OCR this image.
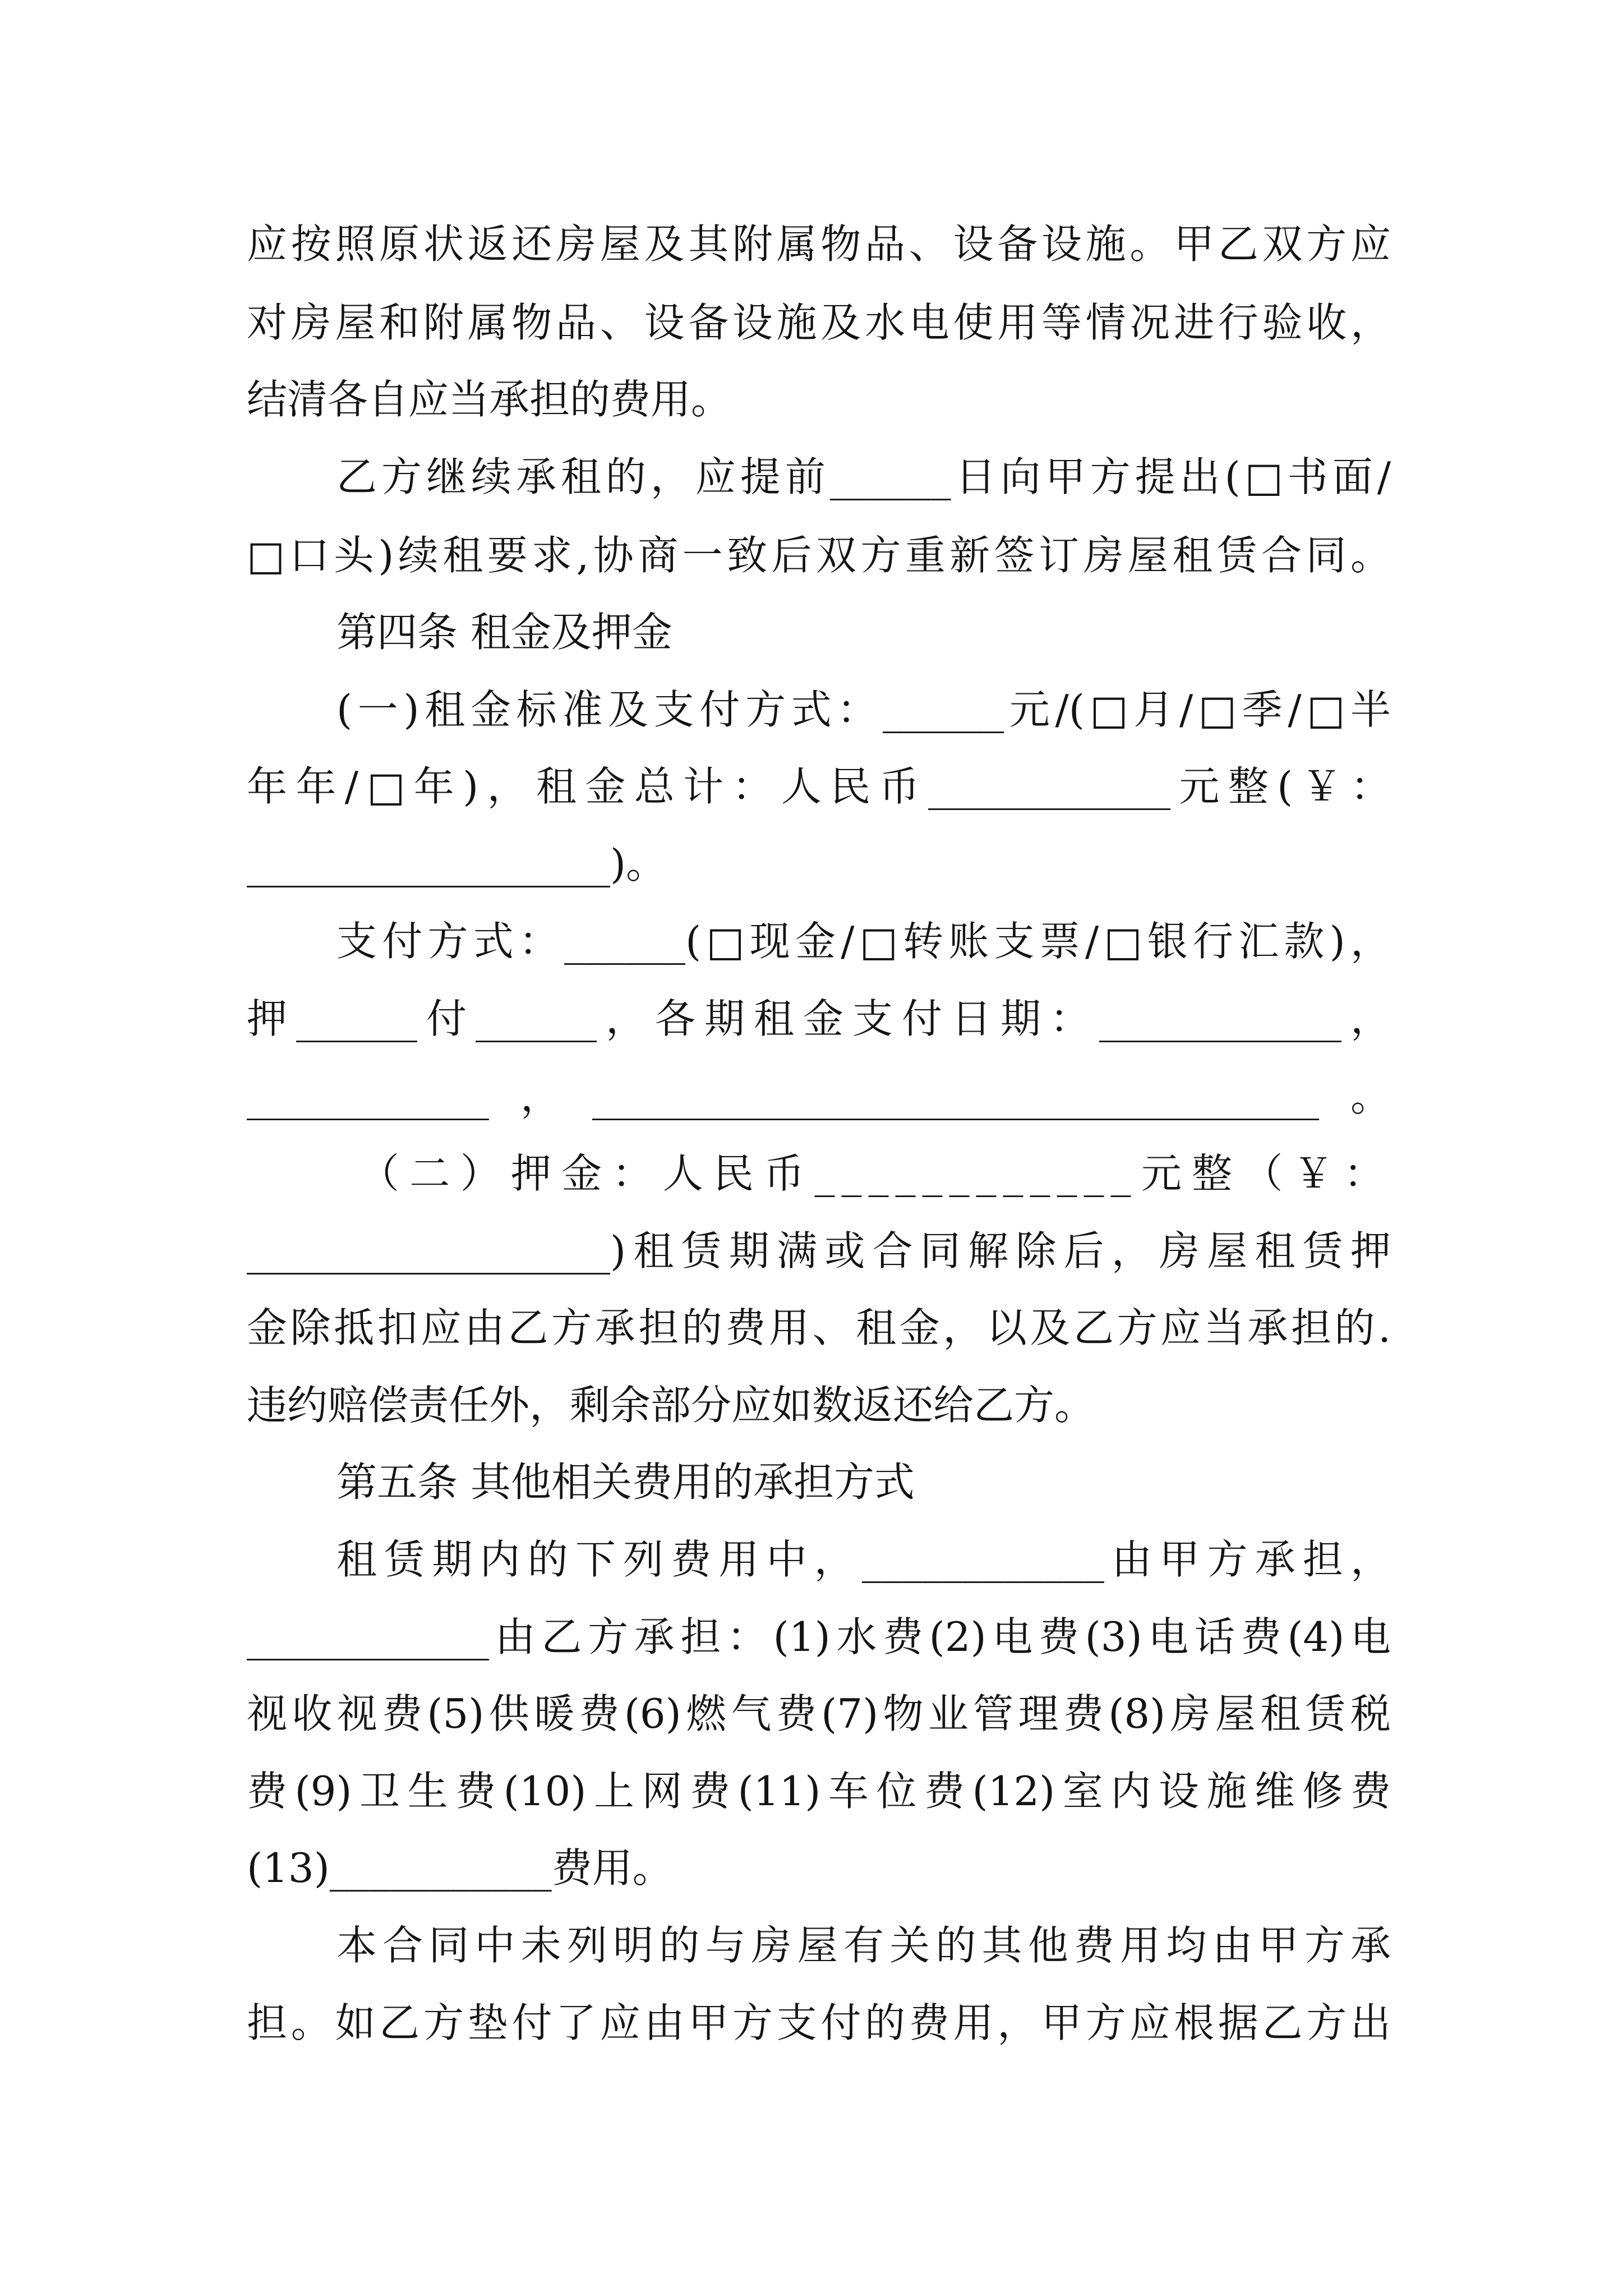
应按照原状返还房屋及其附属物品、设备设施。甲乙双方应
对房屋和附属物品、设备设施及水电使用等情况进行验收，
结清各自应当承担的费用。
乙方继续承租的，应提前______日向甲方提出(□书面/
□口头)续租要求,协商一致后双方重新签订房屋租赁合同。
第四条 租金及押金
(一)租金标准及支付方式：______元/(□月/□季/□半
年年/□年)，租金总计：人民币____________元整(￥：
__________________)。
支付方式：______(□现金/□转账支票/□银行汇款)，
押______付______，各期租金支付日期：____________，
____________，____________________________________。
（二）押金：人民币____________元整（￥：
__________________)租赁期满或合同解除后，房屋租赁押
金除抵扣应由乙方承担的费用、租金，以及乙方应当承担的.
违约赔偿责任外，剩余部分应如数返还给乙方。
第五条 其他相关费用的承担方式
租赁期内的下列费用中，____________由甲方承担，
____________由乙方承担：(1)水费(2)电费(3)电话费(4)电
视收视费(5)供暖费(6)燃气费(7)物业管理费(8)房屋租赁税
费(9)卫生费(10)上网费(11)车位费(12)室内设施维修费
(13)___________费用。
本合同中未列明的与房屋有关的其他费用均由甲方承
担。如乙方垫付了应由甲方支付的费用，甲方应根据乙方出
